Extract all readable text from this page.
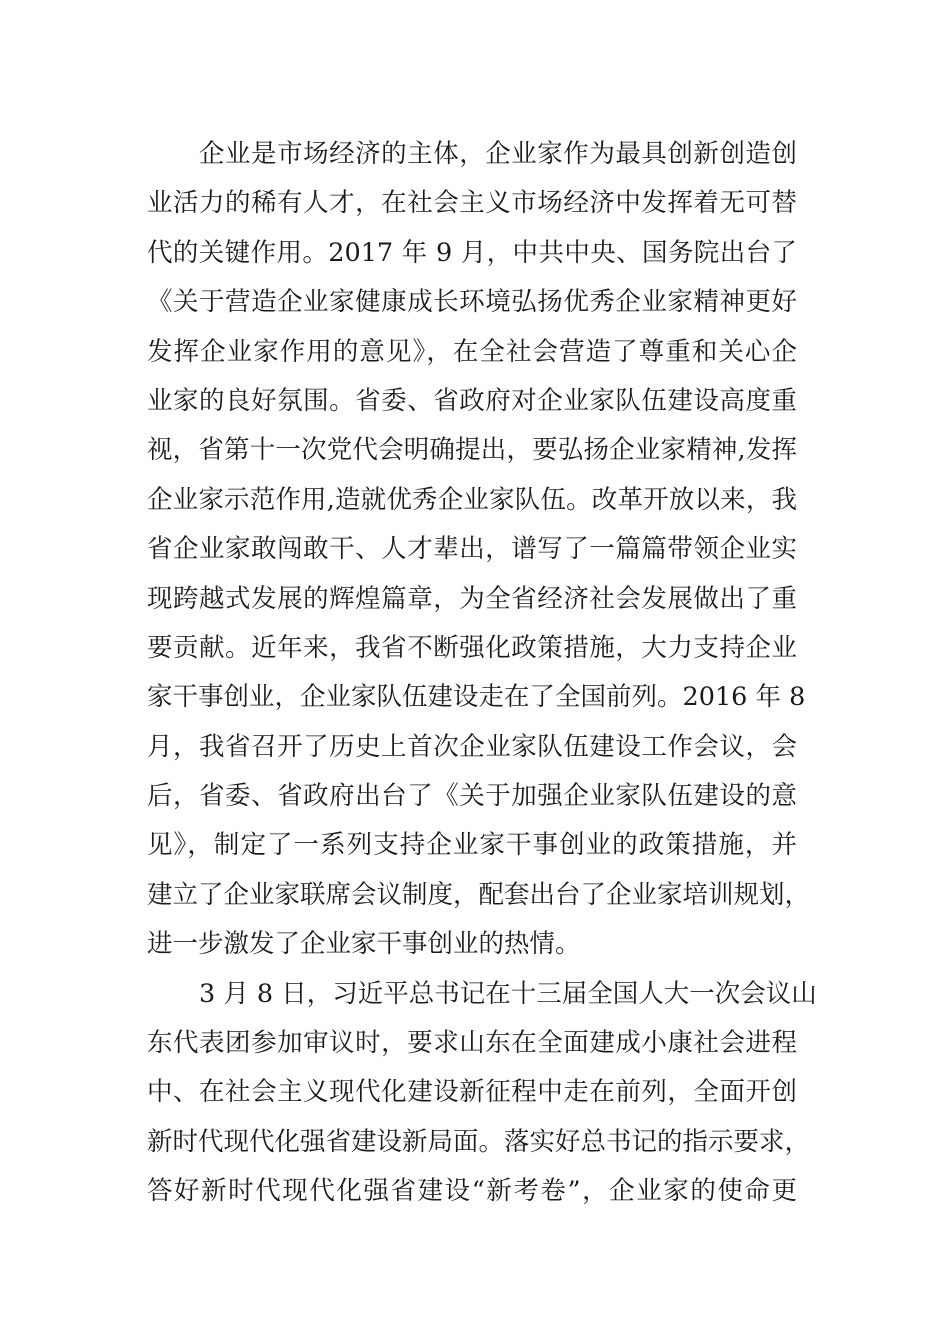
企业是市场经济的主体，企业家作为最具创新创造创
业活力的稀有人才，在社会主义市场经济中发挥着无可替
代的关键作用。2017 年 9 月，中共中央、国务院出台了
《关于营造企业家健康成长环境弘扬优秀企业家精神更好
发挥企业家作用的意见》，在全社会营造了尊重和关心企
业家的良好氛围。省委、省政府对企业家队伍建设高度重
视，省第十一次党代会明确提出，要弘扬企业家精神,发挥
企业家示范作用,造就优秀企业家队伍。改革开放以来，我
省企业家敢闯敢干、人才辈出，谱写了一篇篇带领企业实
现跨越式发展的辉煌篇章，为全省经济社会发展做出了重
要贡献。近年来，我省不断强化政策措施，大力支持企业
家干事创业，企业家队伍建设走在了全国前列。2016 年 8
月，我省召开了历史上首次企业家队伍建设工作会议，会
后，省委、省政府出台了《关于加强企业家队伍建设的意
见》，制定了一系列支持企业家干事创业的政策措施，并
建立了企业家联席会议制度，配套出台了企业家培训规划，
进一步激发了企业家干事创业的热情。
3 月 8 日，习近平总书记在十三届全国人大一次会议山
东代表团参加审议时，要求山东在全面建成小康社会进程
中、在社会主义现代化建设新征程中走在前列，全面开创
新时代现代化强省建设新局面。落实好总书记的指示要求，
答好新时代现代化强省建设“新考卷”，企业家的使命更
